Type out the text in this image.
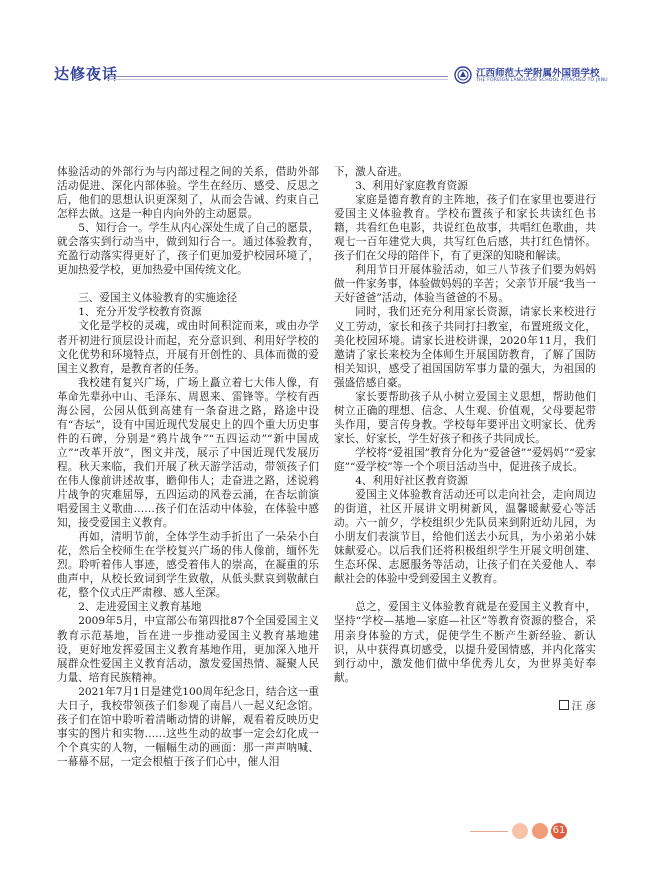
达修夜话	江西师范大学附属外国语学校
THE FOREIGN LANGUAGE SCHOOL ATTACHED TO JXNU

体验活动的外部行为与内部过程之间的关系，借助外部活动促进、深化内部体验。学生在经历、感受、反思之后，他们的思想认识更深刻了，从而会告诫、约束自己怎样去做。这是一种自内向外的主动愿景。

5、知行合一。学生从内心深处生成了自己的愿景，就会落实到行动当中，做到知行合一。通过体验教育，充盈行动落实得更好了，孩子们更加爱护校园环境了，更加热爱学校，更加热爱中国传统文化。

三、爱国主义体验教育的实施途径
1、充分开发学校教育资源

文化是学校的灵魂，或由时间积淀而来，或由办学者开初进行顶层设计而起，充分意识到、利用好学校的文化优势和环境特点，开展有开创性的、具体而微的爱国主义教育，是教育者的任务。

我校建有复兴广场，广场上矗立着七大伟人像，有革命先辈孙中山、毛泽东、周恩来、雷锋等。学校有西海公园，公园从低到高建有一条奋进之路，路途中设有“杏坛”，设有中国近现代发展史上的四个重大历史事件的石碑，分别是“鸦片战争”“五四运动”“新中国成立”“改革开放”，图文并茂，展示了中国近现代发展历程。秋天来临，我们开展了秋天游学活动，带领孩子们在伟人像前讲述故事，瞻仰伟人；走奋进之路，述说鸦片战争的灾难屈辱，五四运动的风卷云涌，在杏坛前演唱爱国主义歌曲……孩子们在活动中体验，在体验中感知，接受爱国主义教育。

再如，清明节前，全体学生动手折出了一朵朵小白花，然后全校师生在学校复兴广场的伟人像前，缅怀先烈。聆听着伟人事迹，感受着伟人的崇高，在凝重的乐曲声中，从校长致词到学生致敬，从低头默哀到敬献白花，整个仪式庄严肃穆、感人至深。

2、走进爱国主义教育基地

2009年5月，中宣部公布第四批87个全国爱国主义教育示范基地，旨在进一步推动爱国主义教育基地建设，更好地发挥爱国主义教育基地作用，更加深入地开展群众性爱国主义教育活动，激发爱国热情、凝聚人民力量、培育民族精神。

2021年7月1日是建党100周年纪念日，结合这一重大日子，我校带领孩子们参观了南昌八一起义纪念馆。孩子们在馆中聆听着清晰动情的讲解，观看着反映历史事实的图片和实物……这些生动的故事一定会幻化成一个个真实的人物，一幅幅生动的画面：那一声声呐喊、一幕幕不屈，一定会根植于孩子们心中，催人泪

下，激人奋进。

3、利用好家庭教育资源

家庭是德育教育的主阵地，孩子们在家里也要进行爱国主义体验教育。学校布置孩子和家长共读红色书籍，共看红色电影，共说红色故事，共唱红色歌曲，共观七一百年建党大典，共写红色后感，共打红色情怀。孩子们在父母的陪伴下，有了更深的知晓和解读。

利用节日开展体验活动，如三八节孩子们要为妈妈做一件家务事，体验做妈妈的辛苦；父亲节开展“我当一天好爸爸”活动，体验当爸爸的不易。

同时，我们还充分利用家长资源，请家长来校进行义工劳动，家长和孩子共同打扫教室，布置班级文化，美化校园环境。请家长进校讲课，2020年11月，我们邀请了家长来校为全体师生开展国防教育，了解了国防相关知识，感受了祖国国防军事力量的强大，为祖国的强盛倍感自豪。

家长要帮助孩子从小树立爱国主义思想，帮助他们树立正确的理想、信念、人生观、价值观，父母要起带头作用，要言传身教。学校每年要评出文明家长、优秀家长、好家长，学生好孩子和孩子共同成长。

学校将“爱祖国”教育分化为“爱爸爸”“爱妈妈”“爱家庭”“爱学校”等一个个项目活动当中，促进孩子成长。

4、利用好社区教育资源

爱国主义体验教育活动还可以走向社会，走向周边的街道，社区开展讲文明树新风，温馨暖献爱心等活动。六一前夕，学校组织少先队员来到附近幼儿园，为小朋友们表演节目，给他们送去小玩具，为小弟弟小妹妹献爱心。以后我们还将积极组织学生开展文明创建、生态环保、志愿服务等活动，让孩子们在关爱他人、奉献社会的体验中受到爱国主义教育。

总之，爱国主义体验教育就是在爱国主义教育中，坚持“学校—基地—家庭—社区”等教育资源的整合，采用亲身体验的方式，促使学生不断产生新经验、新认识，从中获得真切感受，以提升爱国情感，并内化落实到行动中，激发他们做中华优秀儿女，为世界美好奉献。

汪 彦
61
